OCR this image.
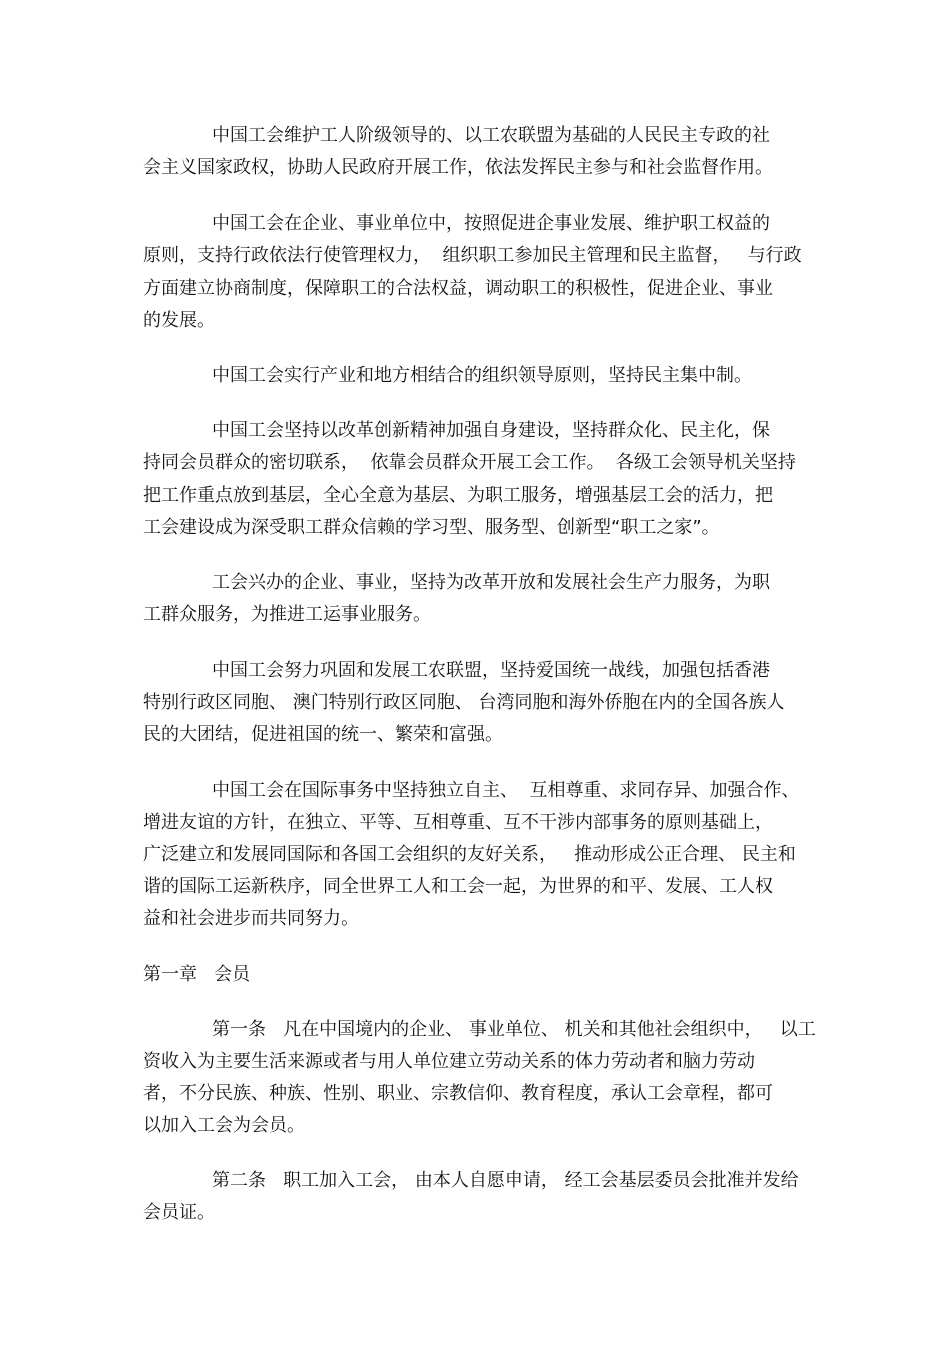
中国工会维护工人阶级领导的、以工农联盟为基础的人民民主专政的社
会主义国家政权，协助人民政府开展工作，依法发挥民主参与和社会监督作用。
中国工会在企业、事业单位中，按照促进企事业发展、维护职工权益的
原则，支持行政依法行使管理权力，  组织职工参加民主管理和民主监督，   与行政
方面建立协商制度，保障职工的合法权益，调动职工的积极性，促进企业、事业
的发展。
中国工会实行产业和地方相结合的组织领导原则，坚持民主集中制。
中国工会坚持以改革创新精神加强自身建设，坚持群众化、民主化，保
持同会员群众的密切联系，  依靠会员群众开展工会工作。  各级工会领导机关坚持
把工作重点放到基层，全心全意为基层、为职工服务，增强基层工会的活力，把
工会建设成为深受职工群众信赖的学习型、服务型、创新型“职工之家”。
工会兴办的企业、事业，坚持为改革开放和发展社会生产力服务，为职
工群众服务，为推进工运事业服务。
中国工会努力巩固和发展工农联盟，坚持爱国统一战线，加强包括香港
特别行政区同胞、 澳门特别行政区同胞、 台湾同胞和海外侨胞在内的全国各族人
民的大团结，促进祖国的统一、繁荣和富强。
中国工会在国际事务中坚持独立自主、  互相尊重、求同存异、加强合作、
增进友谊的方针，在独立、平等、互相尊重、互不干涉内部事务的原则基础上，
广泛建立和发展同国际和各国工会组织的友好关系，   推动形成公正合理、 民主和
谐的国际工运新秩序，同全世界工人和工会一起，为世界的和平、发展、工人权
益和社会进步而共同努力。
第一章   会员
第一条   凡在中国境内的企业、 事业单位、 机关和其他社会组织中，   以工
资收入为主要生活来源或者与用人单位建立劳动关系的体力劳动者和脑力劳动
者，不分民族、种族、性别、职业、宗教信仰、教育程度，承认工会章程，都可
以加入工会为会员。
第二条   职工加入工会， 由本人自愿申请， 经工会基层委员会批准并发给
会员证。
